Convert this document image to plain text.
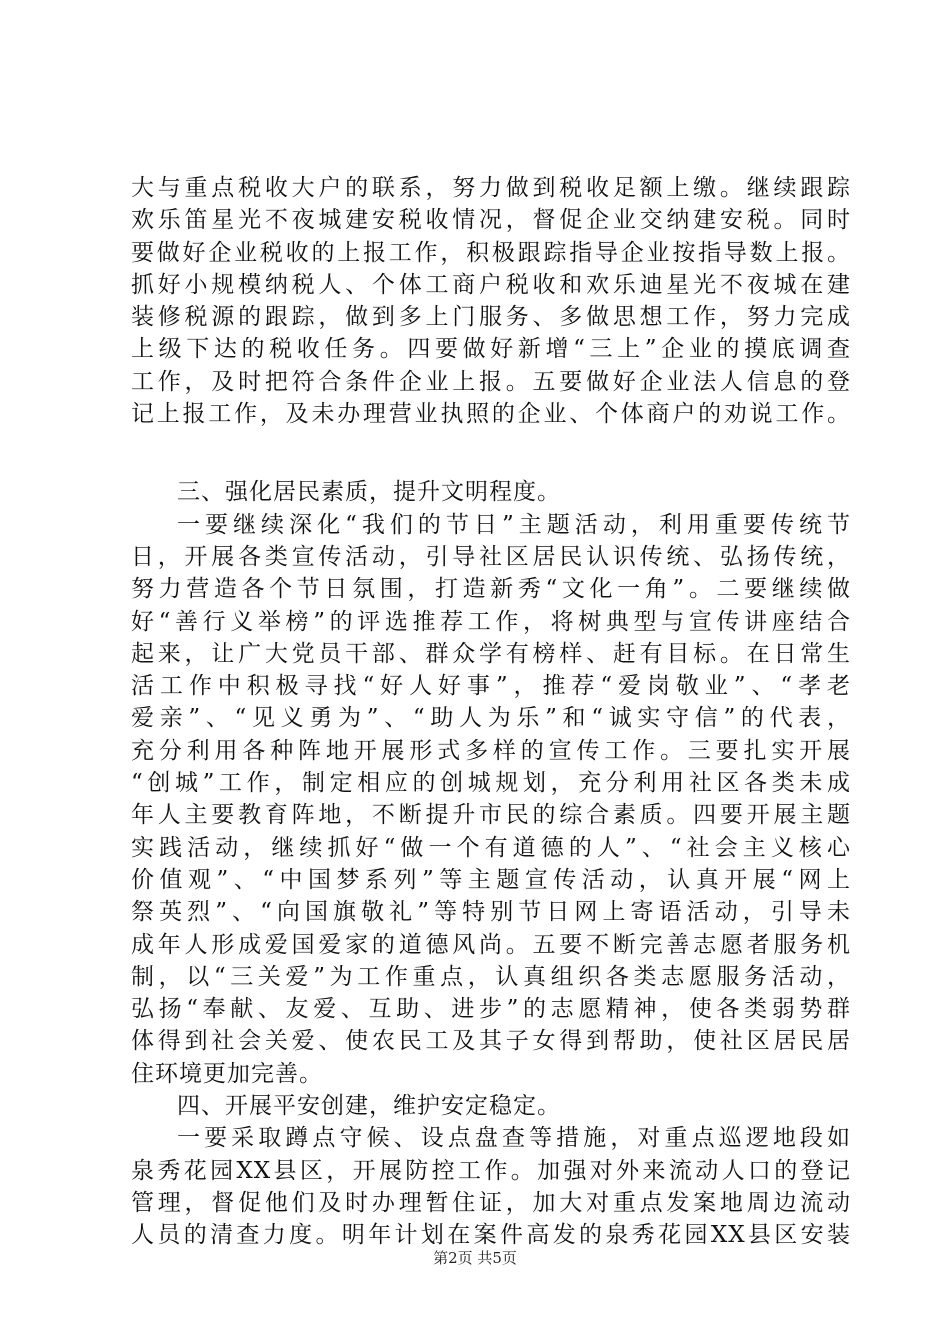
大与重点税收大户的联系，努力做到税收足额上缴。继续跟踪
欢乐笛星光不夜城建安税收情况，督促企业交纳建安税。同时
要做好企业税收的上报工作，积极跟踪指导企业按指导数上报。
抓好小规模纳税人、个体工商户税收和欢乐迪星光不夜城在建
装修税源的跟踪，做到多上门服务、多做思想工作，努力完成
上级下达的税收任务。四要做好新增“三上”企业的摸底调查
工作，及时把符合条件企业上报。五要做好企业法人信息的登
记上报工作，及未办理营业执照的企业、个体商户的劝说工作。
三、强化居民素质，提升文明程度。
一要继续深化“我们的节日”主题活动，利用重要传统节
日，开展各类宣传活动，引导社区居民认识传统、弘扬传统，
努力营造各个节日氛围，打造新秀“文化一角”。二要继续做
好“善行义举榜”的评选推荐工作，将树典型与宣传讲座结合
起来，让广大党员干部、群众学有榜样、赶有目标。在日常生
活工作中积极寻找“好人好事”，推荐“爱岗敬业”、“孝老
爱亲”、“见义勇为”、“助人为乐”和“诚实守信”的代表，
充分利用各种阵地开展形式多样的宣传工作。三要扎实开展
“创城”工作，制定相应的创城规划，充分利用社区各类未成
年人主要教育阵地，不断提升市民的综合素质。四要开展主题
实践活动，继续抓好“做一个有道德的人”、“社会主义核心
价值观”、“中国梦系列”等主题宣传活动，认真开展“网上
祭英烈”、“向国旗敬礼”等特别节日网上寄语活动，引导未
成年人形成爱国爱家的道德风尚。五要不断完善志愿者服务机
制，以“三关爱”为工作重点，认真组织各类志愿服务活动，
弘扬“奉献、友爱、互助、进步”的志愿精神，使各类弱势群
体得到社会关爱、使农民工及其子女得到帮助，使社区居民居
住环境更加完善。
四、开展平安创建，维护安定稳定。
一要采取蹲点守候、设点盘查等措施，对重点巡逻地段如
泉秀花园XX县区，开展防控工作。加强对外来流动人口的登记
管理，督促他们及时办理暂住证，加大对重点发案地周边流动
人员的清查力度。明年计划在案件高发的泉秀花园XX县区安装
第2页 共5页
